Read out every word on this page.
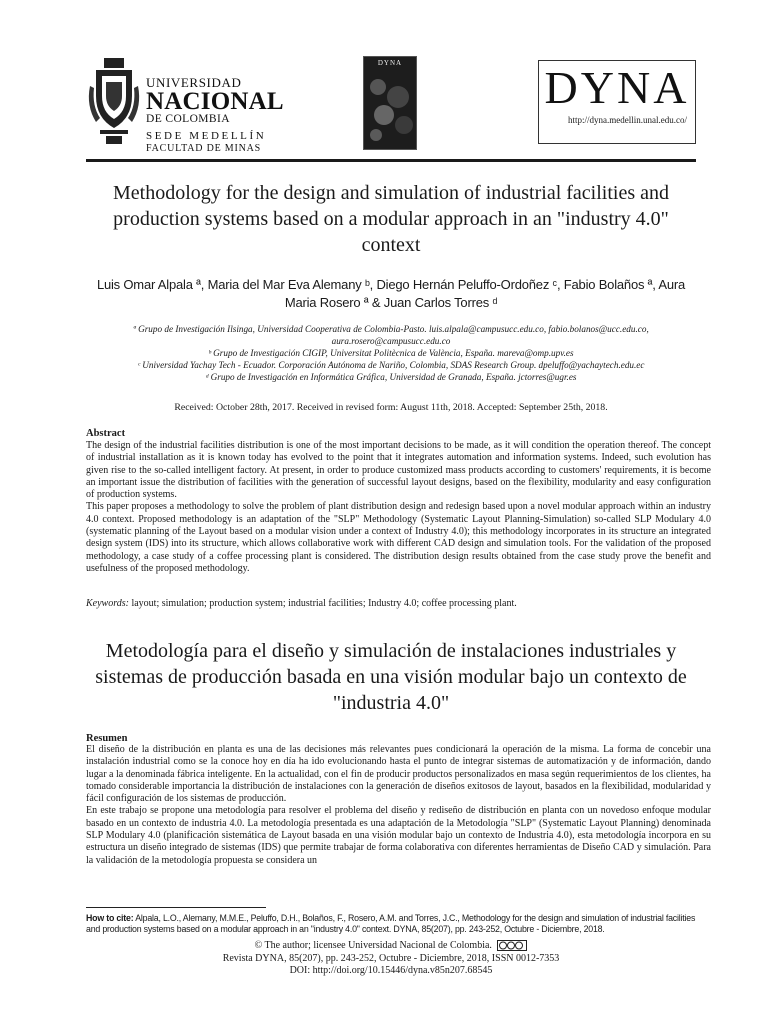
UNIVERSIDAD
NACIONAL
DE COLOMBIA
SEDE MEDELLÍN
FACULTAD DE MINAS
DYNA	DYNA
http://dyna.medellin.unal.edu.co/
Methodology for the design and simulation of industrial facilities and production systems based on a modular approach in an "industry 4.0" context
Luis Omar Alpala ª, Maria del Mar Eva Alemany ᵇ, Diego Hernán Peluffo-Ordoñez ᶜ, Fabio Bolaños ª, Aura Maria Rosero ª & Juan Carlos Torres ᵈ
ª Grupo de Investigación Ilsinga, Universidad Cooperativa de Colombia-Pasto. luis.alpala@campusucc.edu.co, fabio.bolanos@ucc.edu.co, aura.rosero@campusucc.edu.co
ᵇ Grupo de Investigación CIGIP, Universitat Politècnica de València, España. mareva@omp.upv.es
ᶜ Universidad Yachay Tech - Ecuador. Corporación Autónoma de Nariño, Colombia, SDAS Research Group. dpeluffo@yachaytech.edu.ec
ᵈ Grupo de Investigación en Informática Gráfica, Universidad de Granada, España. jctorres@ugr.es
Received: October 28th, 2017. Received in revised form: August 11th, 2018. Accepted: September 25th, 2018.
Abstract

The design of the industrial facilities distribution is one of the most important decisions to be made, as it will condition the operation thereof. The concept of industrial installation as it is known today has evolved to the point that it integrates automation and information systems. Indeed, such evolution has given rise to the so-called intelligent factory. At present, in order to produce customized mass products according to customers' requirements, it is become an important issue the distribution of facilities with the generation of successful layout designs, based on the flexibility, modularity and easy configuration of production systems.

This paper proposes a methodology to solve the problem of plant distribution design and redesign based upon a novel modular approach within an industry 4.0 context. Proposed methodology is an adaptation of the "SLP" Methodology (Systematic Layout Planning-Simulation) so-called SLP Modulary 4.0 (systematic planning of the Layout based on a modular vision under a context of Industry 4.0); this methodology incorporates in its structure an integrated design system (IDS) into its structure, which allows collaborative work with different CAD design and simulation tools. For the validation of the proposed methodology, a case study of a coffee processing plant is considered. The distribution design results obtained from the case study prove the benefit and usefulness of the proposed methodology.

Keywords: layout; simulation; production system; industrial facilities; Industry 4.0; coffee processing plant.
Metodología para el diseño y simulación de instalaciones industriales y sistemas de producción basada en una visión modular bajo un contexto de "industria 4.0"
Resumen

El diseño de la distribución en planta es una de las decisiones más relevantes pues condicionará la operación de la misma. La forma de concebir una instalación industrial como se la conoce hoy en día ha ido evolucionando hasta el punto de integrar sistemas de automatización y de información, dando lugar a la denominada fábrica inteligente. En la actualidad, con el fin de producir productos personalizados en masa según requerimientos de los clientes, ha tomado considerable importancia la distribución de instalaciones con la generación de diseños exitosos de layout, basados en la flexibilidad, modularidad y fácil configuración de los sistemas de producción.

En este trabajo se propone una metodología para resolver el problema del diseño y rediseño de distribución en planta con un novedoso enfoque modular basado en un contexto de industria 4.0. La metodología presentada es una adaptación de la Metodología "SLP" (Systematic Layout Planning) denominada SLP Modulary 4.0 (planificación sistemática de Layout basada en una visión modular bajo un contexto de Industria 4.0), esta metodología incorpora en su estructura un diseño integrado de sistemas (IDS) que permite trabajar de forma colaborativa con diferentes herramientas de Diseño CAD y simulación. Para la validación de la metodología propuesta se considera un

How to cite: Alpala, L.O., Alemany, M.M.E., Peluffo, D.H., Bolaños, F., Rosero, A.M. and Torres, J.C., Methodology for the design and simulation of industrial facilities and production systems based on a modular approach in an "industry 4.0" context. DYNA, 85(207), pp. 243-252, Octubre - Diciembre, 2018.
© The author; licensee Universidad Nacional de Colombia.
Revista DYNA, 85(207), pp. 243-252, Octubre - Diciembre, 2018, ISSN 0012-7353
DOI: http://doi.org/10.15446/dyna.v85n207.68545
